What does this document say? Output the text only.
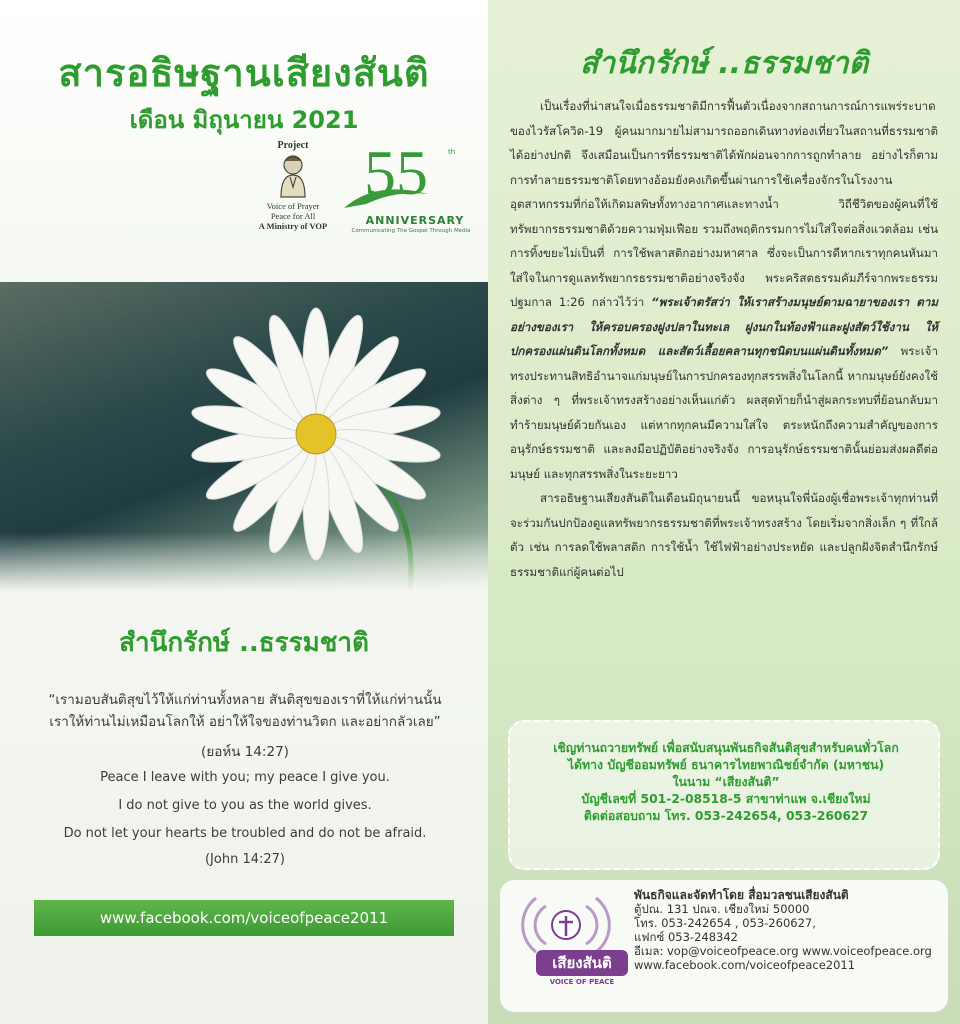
สารอธิษฐานเสียงสันติ
เดือน มิถุนายน 2021
Project
Voice of Prayer
Peace for All
A Ministry of VOP
55	th
ANNIVERSARY
Communicating The Gospel Through Media
สำนึกรักษ์ ..ธรรมชาติ
“เรามอบสันติสุขไว้ให้แก่ท่านทั้งหลาย สันติสุขของเราที่ให้แก่ท่านนั้น
เราให้ท่านไม่เหมือนโลกให้ อย่าให้ใจของท่านวิตก และอย่ากลัวเลย”
(ยอห์น 14:27)
Peace I leave with you; my peace I give you.
I do not give to you as the world gives.
Do not let your hearts be troubled and do not be afraid.
(John 14:27)
www.facebook.com/voiceofpeace2011
สำนึกรักษ์ ..ธรรมชาติ

เป็นเรื่องที่น่าสนใจเมื่อธรรมชาติมีการฟื้นตัวเนื่องจากสถานการณ์การแพร่ระบาดของไวรัสโควิด-19 ผู้คนมากมายไม่สามารถออกเดินทางท่องเที่ยวในสถานที่ธรรมชาติได้อย่างปกติ จึงเสมือนเป็นการที่ธรรมชาติได้พักผ่อนจากการถูกทำลาย อย่างไรก็ตามการทำลายธรรมชาติโดยทางอ้อมยังคงเกิดขึ้นผ่านการใช้เครื่องจักรในโรงงานอุตสาหกรรมที่ก่อให้เกิดมลพิษทั้งทางอากาศและทางน้ำ วิถีชีวิตของผู้คนที่ใช้ทรัพยากรธรรมชาติด้วยความฟุ่มเฟือย รวมถึงพฤติกรรมการไม่ใส่ใจต่อสิ่งแวดล้อม เช่น การทิ้งขยะไม่เป็นที่ การใช้พลาสติกอย่างมหาศาล ซึ่งจะเป็นการดีหากเราทุกคนหันมาใส่ใจในการดูแลทรัพยากรธรรมชาติอย่างจริงจัง พระคริสตธรรมคัมภีร์จากพระธรรมปฐมกาล 1:26 กล่าวไว้ว่า “พระเจ้าตรัสว่า ให้เราสร้างมนุษย์ตามฉายาของเรา ตามอย่างของเรา ให้ครอบครองฝูงปลาในทะเล ฝูงนกในท้องฟ้าและฝูงสัตว์ใช้งาน ให้ปกครองแผ่นดินโลกทั้งหมด และสัตว์เลื้อยคลานทุกชนิดบนแผ่นดินทั้งหมด” พระเจ้าทรงประทานสิทธิอำนาจแก่มนุษย์ในการปกครองทุกสรรพสิ่งในโลกนี้ หากมนุษย์ยังคงใช้สิ่งต่าง ๆ ที่พระเจ้าทรงสร้างอย่างเห็นแก่ตัว ผลสุดท้ายก็นำสู่ผลกระทบที่ย้อนกลับมาทำร้ายมนุษย์ด้วยกันเอง แต่หากทุกคนมีความใส่ใจ ตระหนักถึงความสำคัญของการอนุรักษ์ธรรมชาติ และลงมือปฏิบัติอย่างจริงจัง การอนุรักษ์ธรรมชาตินั้นย่อมส่งผลดีต่อมนุษย์ และทุกสรรพสิ่งในระยะยาว

สารอธิษฐานเสียงสันติในเดือนมิถุนายนนี้ ขอหนุนใจพี่น้องผู้เชื่อพระเจ้าทุกท่านที่จะร่วมกันปกป้องดูแลทรัพยากรธรรมชาติที่พระเจ้าทรงสร้าง โดยเริ่มจากสิ่งเล็ก ๆ ที่ใกล้ตัว เช่น การลดใช้พลาสติก การใช้น้ำ ใช้ไฟฟ้าอย่างประหยัด และปลูกฝังจิตสำนึกรักษ์ธรรมชาติแก่ผู้คนต่อไป

เชิญท่านถวายทรัพย์ เพื่อสนับสนุนพันธกิจสันติสุขสำหรับคนทั่วโลก
ได้ทาง บัญชีออมทรัพย์ ธนาคารไทยพาณิชย์จำกัด (มหาชน)
ในนาม “เสียงสันติ”
บัญชีเลขที่ 501-2-08518-5 สาขาท่าแพ จ.เชียงใหม่
ติดต่อสอบถาม โทร. 053-242654, 053-260627
เสียงสันติ
VOICE OF PEACE
พันธกิจและจัดทำโดย สื่อมวลชนเสียงสันติ
ตู้ปณ. 131 ปณจ. เชียงใหม่ 50000
โทร. 053-242654 , 053-260627,
แฟกซ์ 053-248342
อีเมล: vop@voiceofpeace.org www.voiceofpeace.org
www.facebook.com/voiceofpeace2011
